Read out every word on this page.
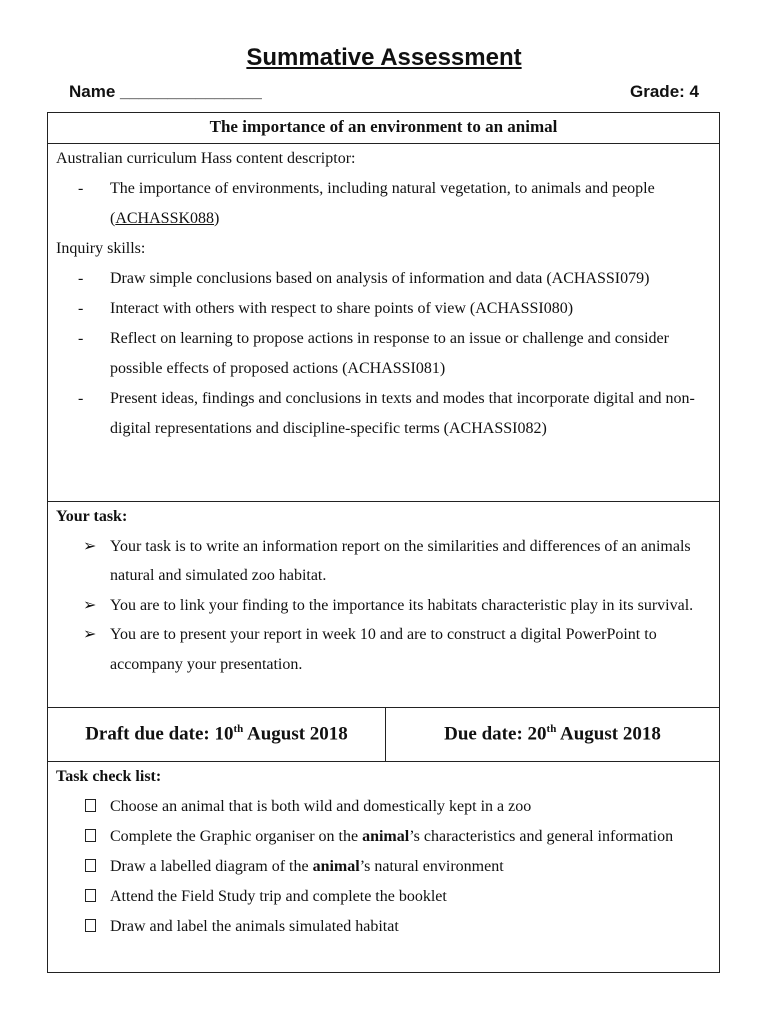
Summative Assessment
Name _______________	Grade: 4
The importance of an environment to an animal
Australian curriculum Hass content descriptor:
-	The importance of environments, including natural vegetation, to animals and people (ACHASSK088)
Inquiry skills:
-	Draw simple conclusions based on analysis of information and data (ACHASSI079)
-	Interact with others with respect to share points of view (ACHASSI080)
-	Reflect on learning to propose actions in response to an issue or challenge and consider possible effects of proposed actions (ACHASSI081)
-	Present ideas, findings and conclusions in texts and modes that incorporate digital and non-digital representations and discipline-specific terms (ACHASSI082)
Your task:
➢ Your task is to write an information report on the similarities and differences of an animals natural and simulated zoo habitat.
➢ You are to link your finding to the importance its habitats characteristic play in its survival.
➢ You are to present your report in week 10 and are to construct a digital PowerPoint to accompany your presentation.
Draft due date: 10th August 2018	Due date: 20th August 2018
Task check list:
Choose an animal that is both wild and domestically kept in a zoo
Complete the Graphic organiser on the animal’s characteristics and general information
Draw a labelled diagram of the animal’s natural environment
Attend the Field Study trip and complete the booklet
Draw and label the animals simulated habitat
